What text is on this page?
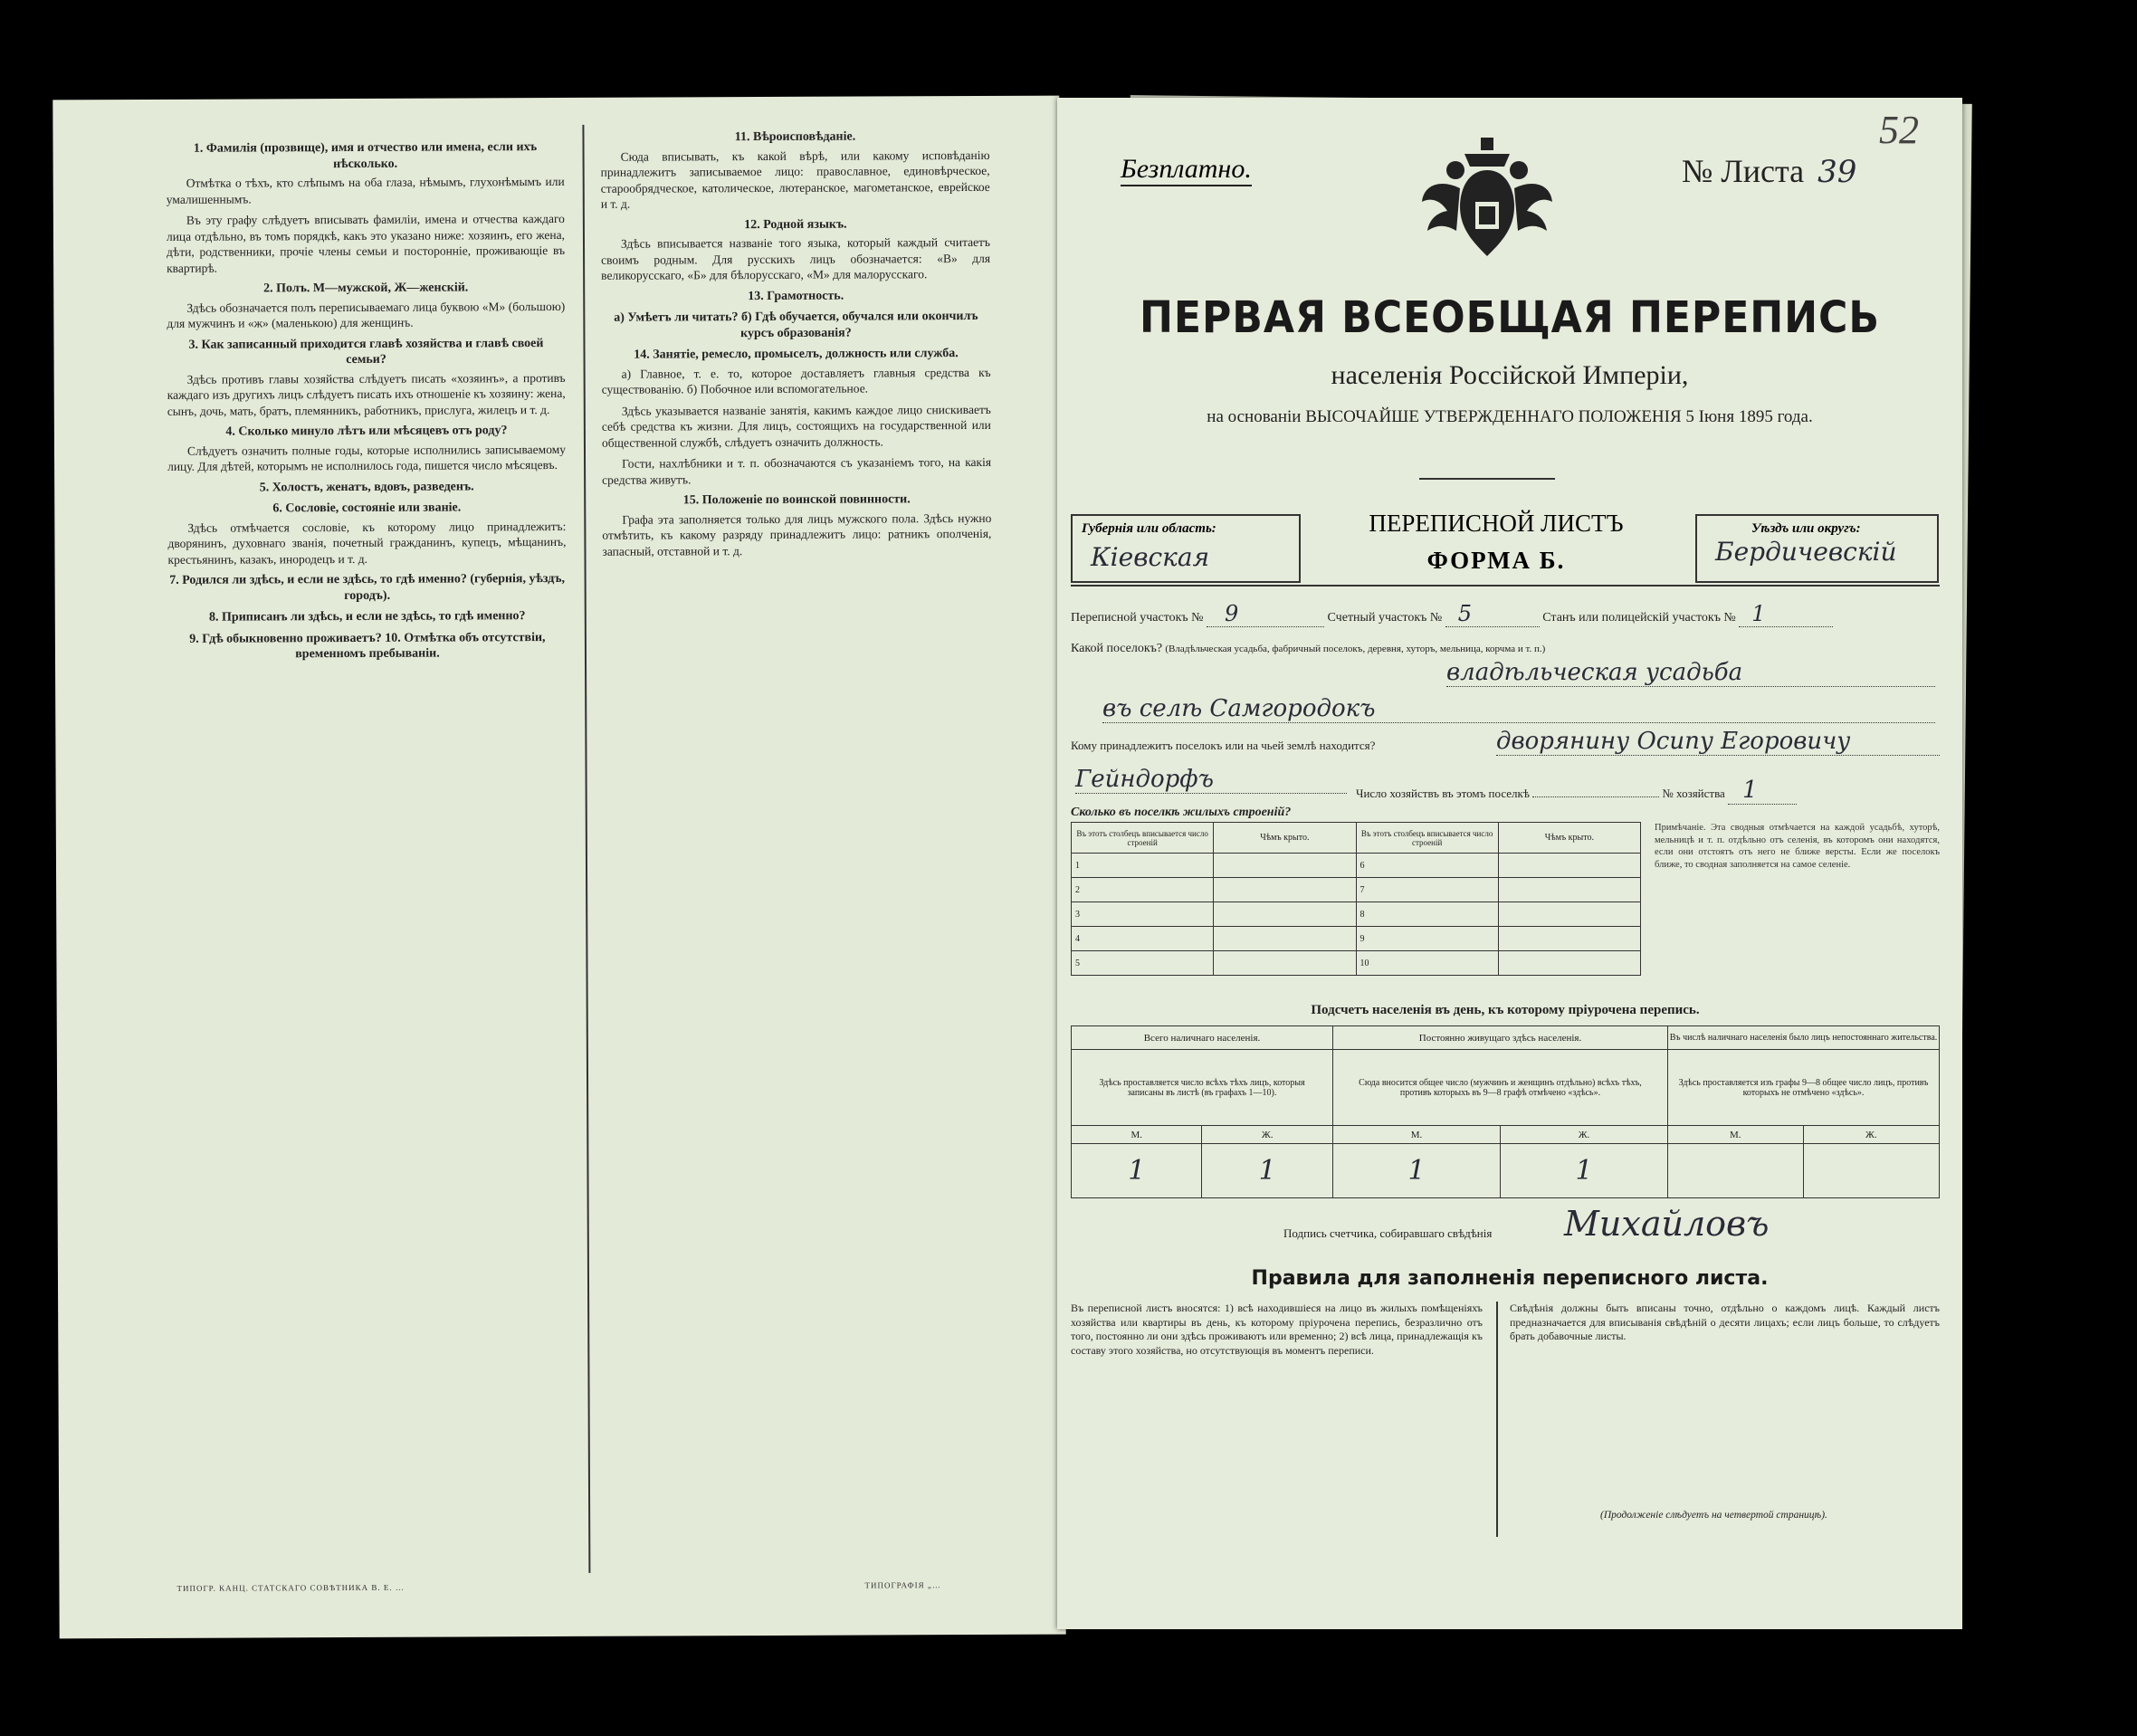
1. Фамилія (прозвище), имя и отчество или имена, если ихъ нѣсколько.

Отмѣтка о тѣхъ, кто слѣпымъ на оба глаза, нѣмымъ, глухонѣмымъ или умалишеннымъ.

Въ эту графу слѣдуетъ вписывать фамиліи, имена и отчества каждаго лица отдѣльно, въ томъ порядкѣ, какъ это указано ниже: хозяинъ, его жена, дѣти, родственники, прочіе члены семьи и посторонніе, проживающіе въ квартирѣ.

2. Полъ. М—мужской, Ж—женскій.

Здѣсь обозначается полъ переписываемаго лица буквою «М» (большою) для мужчинъ и «ж» (маленькою) для женщинъ.

3. Как записанный приходится главѣ хозяйства и главѣ своей семьи?

Здѣсь противъ главы хозяйства слѣдуетъ писать «хозяинъ», а противъ каждаго изъ другихъ лицъ слѣдуетъ писать ихъ отношеніе къ хозяину: жена, сынъ, дочь, мать, братъ, племянникъ, работникъ, прислуга, жилецъ и т. д.

4. Сколько минуло лѣтъ или мѣсяцевъ отъ роду?

Слѣдуетъ означить полные годы, которые исполнились записываемому лицу. Для дѣтей, которымъ не исполнилось года, пишется число мѣсяцевъ.

5. Холостъ, женатъ, вдовъ, разведенъ.
6. Сословіе, состояніе или званіе.

Здѣсь отмѣчается сословіе, къ которому лицо принадлежитъ: дворянинъ, духовнаго званія, почетный гражданинъ, купецъ, мѣщанинъ, крестьянинъ, казакъ, инородецъ и т. д.

7. Родился ли здѣсь, и если не здѣсь, то гдѣ именно? (губернія, уѣздъ, городъ).
8. Приписанъ ли здѣсь, и если не здѣсь, то гдѣ именно?
9. Гдѣ обыкновенно проживаетъ? 10. Отмѣтка объ отсутствіи, временномъ пребываніи.
11. Вѣроисповѣданіе.

Сюда вписывать, къ какой вѣрѣ, или какому исповѣданію принадлежитъ записываемое лицо: православное, единовѣрческое, старообрядческое, католическое, лютеранское, магометанское, еврейское и т. д.

12. Родной языкъ.

Здѣсь вписывается названіе того языка, который каждый считаетъ своимъ родным. Для русскихъ лицъ обозначается: «В» для великорусскаго, «Б» для бѣлорусскаго, «М» для малорусскаго.

13. Грамотность.
а) Умѣетъ ли читать? б) Гдѣ обучается, обучался или окончилъ курсъ образованія?
14. Занятіе, ремесло, промыселъ, должность или служба.

а) Главное, т. е. то, которое доставляетъ главныя средства къ существованію. б) Побочное или вспомогательное.

Здѣсь указывается названіе занятія, какимъ каждое лицо снискиваетъ себѣ средства къ жизни. Для лицъ, состоящихъ на государственной или общественной службѣ, слѣдуетъ означить должность.

Гости, нахлѣбники и т. п. обозначаются съ указаніемъ того, на какія средства живутъ.

15. Положеніе по воинской повинности.

Графа эта заполняется только для лицъ мужского пола. Здѣсь нужно отмѣтить, къ какому разряду принадлежитъ лицо: ратникъ ополченія, запасный, отставной и т. д.

ТИПОГР. КАНЦ. СТАТСКАГО СОВѢТНИКА В. Е. …	ТИПОГРАФІЯ „…
52
Безплатно.	№ Листа 39
ПЕРВАЯ ВСЕОБЩАЯ ПЕРЕПИСЬ
населенія Россійской Имперіи,
на основаніи ВЫСОЧАЙШЕ УТВЕРЖДЕННАГО ПОЛОЖЕНІЯ 5 Іюня 1895 года.
Губернія или область:
Кіевская
ПЕРЕПИСНОЙ ЛИСТЪ
ФОРМА Б.
Уѣздъ или округъ:
Бердичевскій
Переписной участокъ № 9	Счетный участокъ № 5	Станъ или полицейскій участокъ № 1
Какой поселокъ? (Владѣльческая усадьба, фабричный поселокъ, деревня, хуторъ, мельница, корчма и т. п.)
владѣльческая усадьба
въ селѣ Самгородокъ
Кому принадлежитъ поселокъ или на чьей землѣ находится?	дворянину Осипу Егоровичу
Гейндорфъ
Число хозяйствъ въ этомъ поселкѣ	№ хозяйства 1
Сколько въ поселкѣ жилыхъ строеній?
Въ этотъ столбецъ вписывается число строеній	Чѣмъ крыто.	Въ этотъ столбецъ вписывается число строеній	Чѣмъ крыто.
1		6	
2		7	
3		8	
4		9	
5		10	
Примѣчаніе. Эта сводныя отмѣчается на каждой усадьбѣ, хуторѣ, мельницѣ и т. п. отдѣльно отъ селенія, въ которомъ они находятся, если они отстоятъ отъ него не ближе версты. Если же поселокъ ближе, то сводная заполняется на самое селеніе.
Подсчетъ населенія въ день, къ которому пріурочена перепись.
Всего наличнаго населенія.		Постоянно живущаго здѣсь населенія.		Въ числѣ наличнаго населенія было лицъ непостояннаго жительства.	
Здѣсь проставляется число всѣхъ тѣхъ лицъ, которыя записаны въ листѣ (въ графахъ 1—10).		Сюда вносится общее число (мужчинъ и женщинъ отдѣльно) всѣхъ тѣхъ, противъ которыхъ въ 9—8 графѣ отмѣчено «здѣсь».		Здѣсь проставляется изъ графы 9—8 общее число лицъ, противъ которыхъ не отмѣчено «здѣсь».	
М.	Ж.	М.	Ж.	М.	Ж.
1	1	1	1		
Подпись счетчика, собиравшаго свѣдѣнія Михайловъ
Правила для заполненія переписного листа.
Въ переписной листъ вносятся: 1) всѣ находившіеся на лицо въ жилыхъ помѣщеніяхъ хозяйства или квартиры въ день, къ которому пріурочена перепись, безразлично отъ того, постоянно ли они здѣсь проживаютъ или временно; 2) всѣ лица, принадлежащія къ составу этого хозяйства, но отсутствующія въ моментъ переписи.
Свѣдѣнія должны быть вписаны точно, отдѣльно о каждомъ лицѣ. Каждый листъ предназначается для вписыванія свѣдѣній о десяти лицахъ; если лицъ больше, то слѣдуетъ брать добавочные листы.
(Продолженіе слѣдуетъ на четвертой страницѣ).
